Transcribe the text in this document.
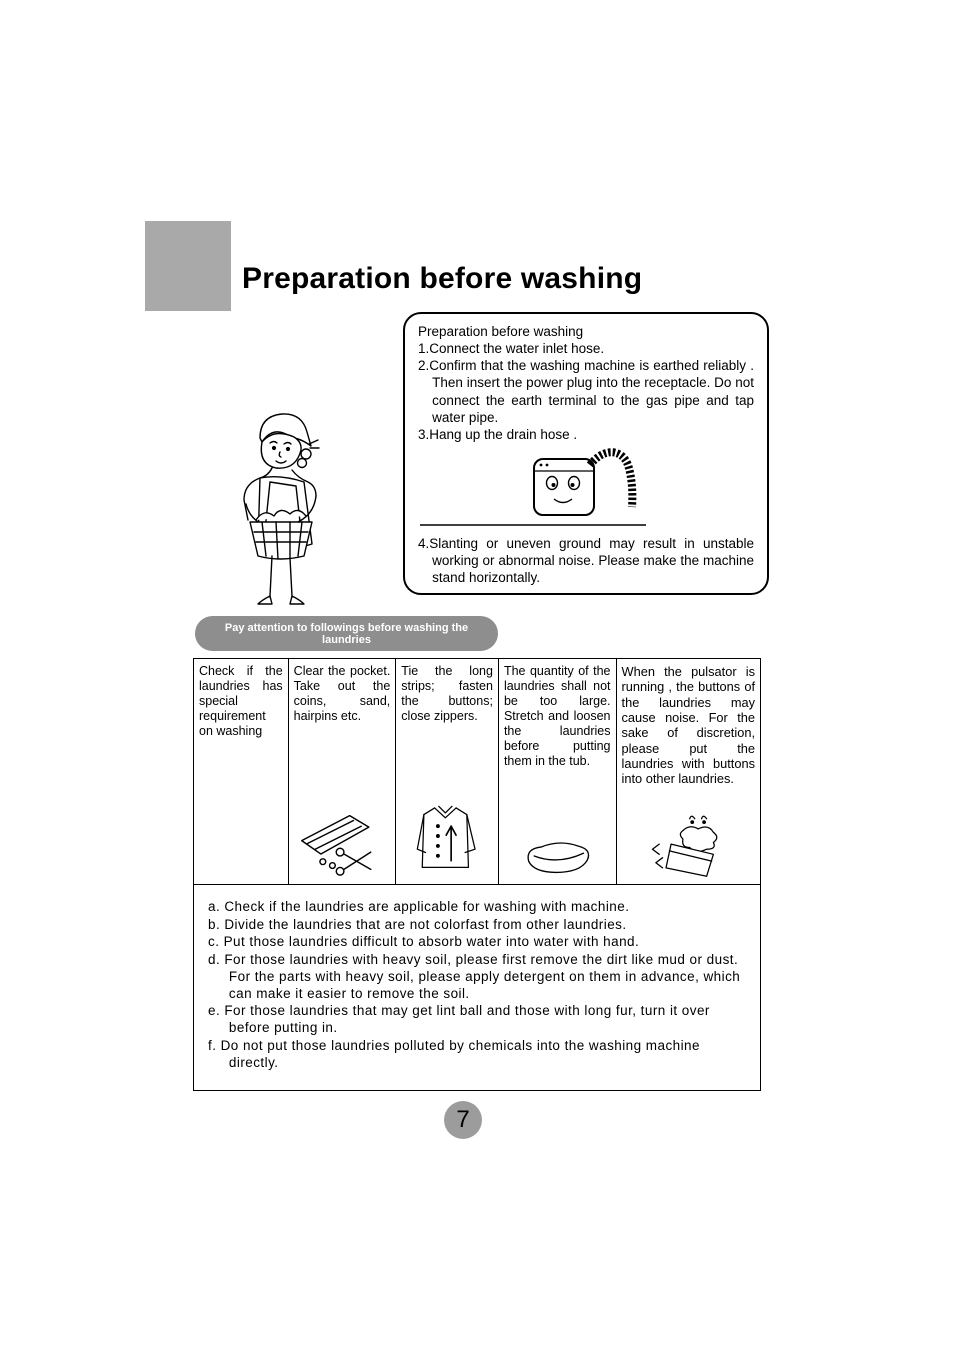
Preparation before washing
Preparation before washing
1.Connect the water inlet hose.
2.Confirm that the washing machine is earthed reliably . Then insert the power plug into the receptacle. Do not connect the earth terminal to the gas pipe and tap water pipe.
3.Hang up the drain hose .
4.Slanting or uneven ground may result in unstable working or abnormal noise. Please make the machine stand horizontally.
Pay attention to followings before washing the laundries
Check if the laundries has special requirement on washing
Clear the pocket. Take out the coins, sand, hairpins etc.
Tie the long strips; fasten the buttons; close zippers.
The quantity of the laundries shall not be too large. Stretch and loosen the laundries before putting them in the tub.
When the pulsator is running , the buttons of the laundries may cause noise. For the sake of discretion, please put the laundries with buttons into other laundries.
a. Check if the laundries are applicable for washing with machine.
b. Divide the laundries that are not colorfast from other laundries.
c. Put those laundries difficult to absorb water into water with hand.
d. For those laundries with heavy soil, please first remove the dirt like mud or dust. For the parts with heavy soil, please apply detergent on them in advance, which can make it easier to remove the soil.
e. For those laundries that may get lint ball and those with long fur, turn it over before putting in.
f. Do not put those laundries polluted by chemicals into the washing machine directly.
7
